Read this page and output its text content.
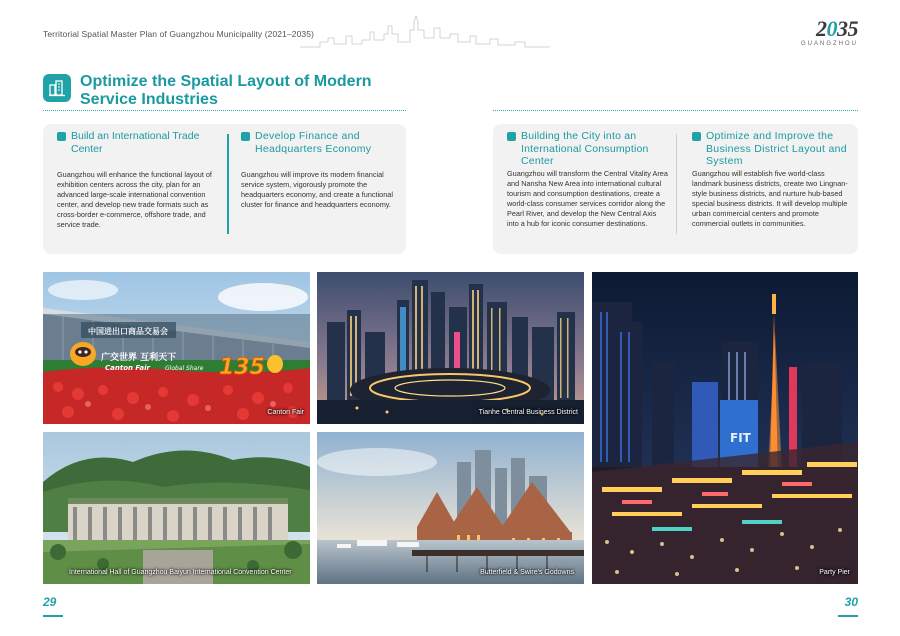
Territorial Spatial Master Plan of Guangzhou Municipality (2021–2035)	2035
GUANGZHOU
Optimize the Spatial Layout of Modern Service Industries
Build an International Trade Center
Guangzhou will enhance the functional layout of exhibition centers across the city, plan for an advanced large-scale international convention center, and develop new trade formats such as cross-border e-commerce, offshore trade, and service trade.
Develop Finance and Headquarters Economy
Guangzhou will improve its modern financial service system, vigorously promote the headquarters economy, and create a functional cluster for finance and headquarters economy.
Building the City into an International Consumption Center
Guangzhou will transform the Central Vitality Area and Nansha New Area into international cultural tourism and consumption destinations, create a world-class consumer services corridor along the Pearl River, and develop the New Central Axis into a hub for iconic consumer destinations.
Optimize and Improve the Business District Layout and System
Guangzhou will establish five world-class landmark business districts, create two Lingnan-style business districts, and nurture hub-based special business districts. It will develop multiple urban commercial centers and promote commercial outlets in communities.
中国进出口商品交易会
广交世界 互利天下
Canton Fair	Global Share 135
Canton Fair	Tianhe Central Business District
International Hall of Guangzhou Baiyun International Convention Center	Butterfield & Swire's Godowns
FIT
Party Pier
29	30
